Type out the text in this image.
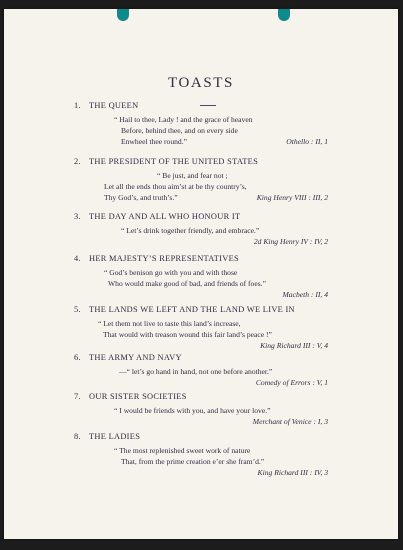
TOASTS
1. THE QUEEN
“ Hail to thee, Lady ! and the grace of heaven
Before, behind thee, and on every side
Enwheel thee round.”	Othello : II, 1
2. THE PRESIDENT OF THE UNITED STATES
“ Be just, and fear not ;
Let all the ends thou aim’st at be thy country’s,
Thy God’s, and truth’s.”	King Henry VIII : III, 2
3. THE DAY AND ALL WHO HONOUR IT
“ Let’s drink together friendly, and embrace.”
2d King Henry IV : IV, 2
4. HER MAJESTY’S REPRESENTATIVES
“ God’s benison go with you and with those
Who would make good of bad, and friends of foes.”
Macbeth : II, 4
5. THE LANDS WE LEFT AND THE LAND WE LIVE IN
“ Let them not live to taste this land’s increase,
That would with treason wound this fair land’s peace !”
King Richard III : V, 4
6. THE ARMY AND NAVY
—“ let’s go hand in hand, not one before another.”
Comedy of Errors : V, 1
7. OUR SISTER SOCIETIES
“ I would be friends with you, and have your love.”
Merchant of Venice : I, 3
8. THE LADIES
“ The most replenished sweet work of nature
That, from the prime creation e’er she fram’d.”
King Richard III : IV, 3
